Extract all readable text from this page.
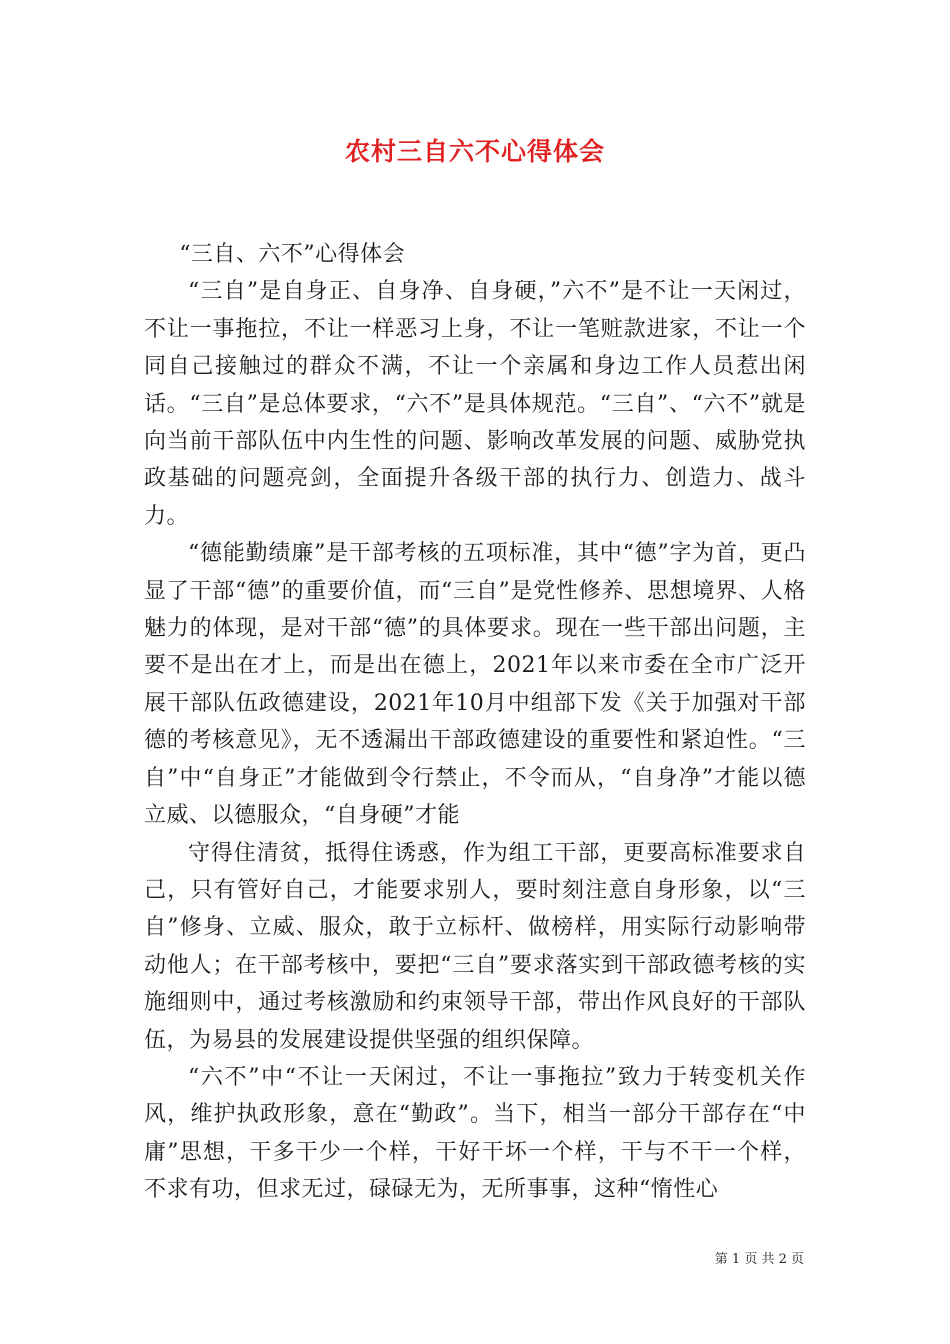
农村三自六不心得体会

“三自、六不”心得体会

“三自”是自身正、自身净、自身硬，”六不”是不让一天闲过，不让一事拖拉，不让一样恶习上身，不让一笔赃款进家，不让一个同自己接触过的群众不满，不让一个亲属和身边工作人员惹出闲话。“三自”是总体要求，“六不”是具体规范。“三自”、“六不”就是向当前干部队伍中内生性的问题、影响改革发展的问题、威胁党执政基础的问题亮剑，全面提升各级干部的执行力、创造力、战斗力。

“德能勤绩廉”是干部考核的五项标准，其中“德”字为首，更凸显了干部“德”的重要价值，而“三自”是党性修养、思想境界、人格魅力的体现，是对干部“德”的具体要求。现在一些干部出问题，主要不是出在才上，而是出在德上，2021年以来市委在全市广泛开展干部队伍政德建设，2021年10月中组部下发《关于加强对干部德的考核意见》，无不透漏出干部政德建设的重要性和紧迫性。“三自”中“自身正”才能做到令行禁止，不令而从，“自身净”才能以德立威、以德服众，“自身硬”才能

守得住清贫，抵得住诱惑，作为组工干部，更要高标准要求自己，只有管好自己，才能要求别人，要时刻注意自身形象，以“三自”修身、立威、服众，敢于立标杆、做榜样，用实际行动影响带动他人；在干部考核中，要把“三自”要求落实到干部政德考核的实施细则中，通过考核激励和约束领导干部，带出作风良好的干部队伍，为易县的发展建设提供坚强的组织保障。

“六不”中“不让一天闲过，不让一事拖拉”致力于转变机关作风，维护执政形象，意在“勤政”。当下，相当一部分干部存在“中庸”思想，干多干少一个样，干好干坏一个样，干与不干一个样，不求有功，但求无过，碌碌无为，无所事事，这种“惰性心

第 1 页 共 2 页
